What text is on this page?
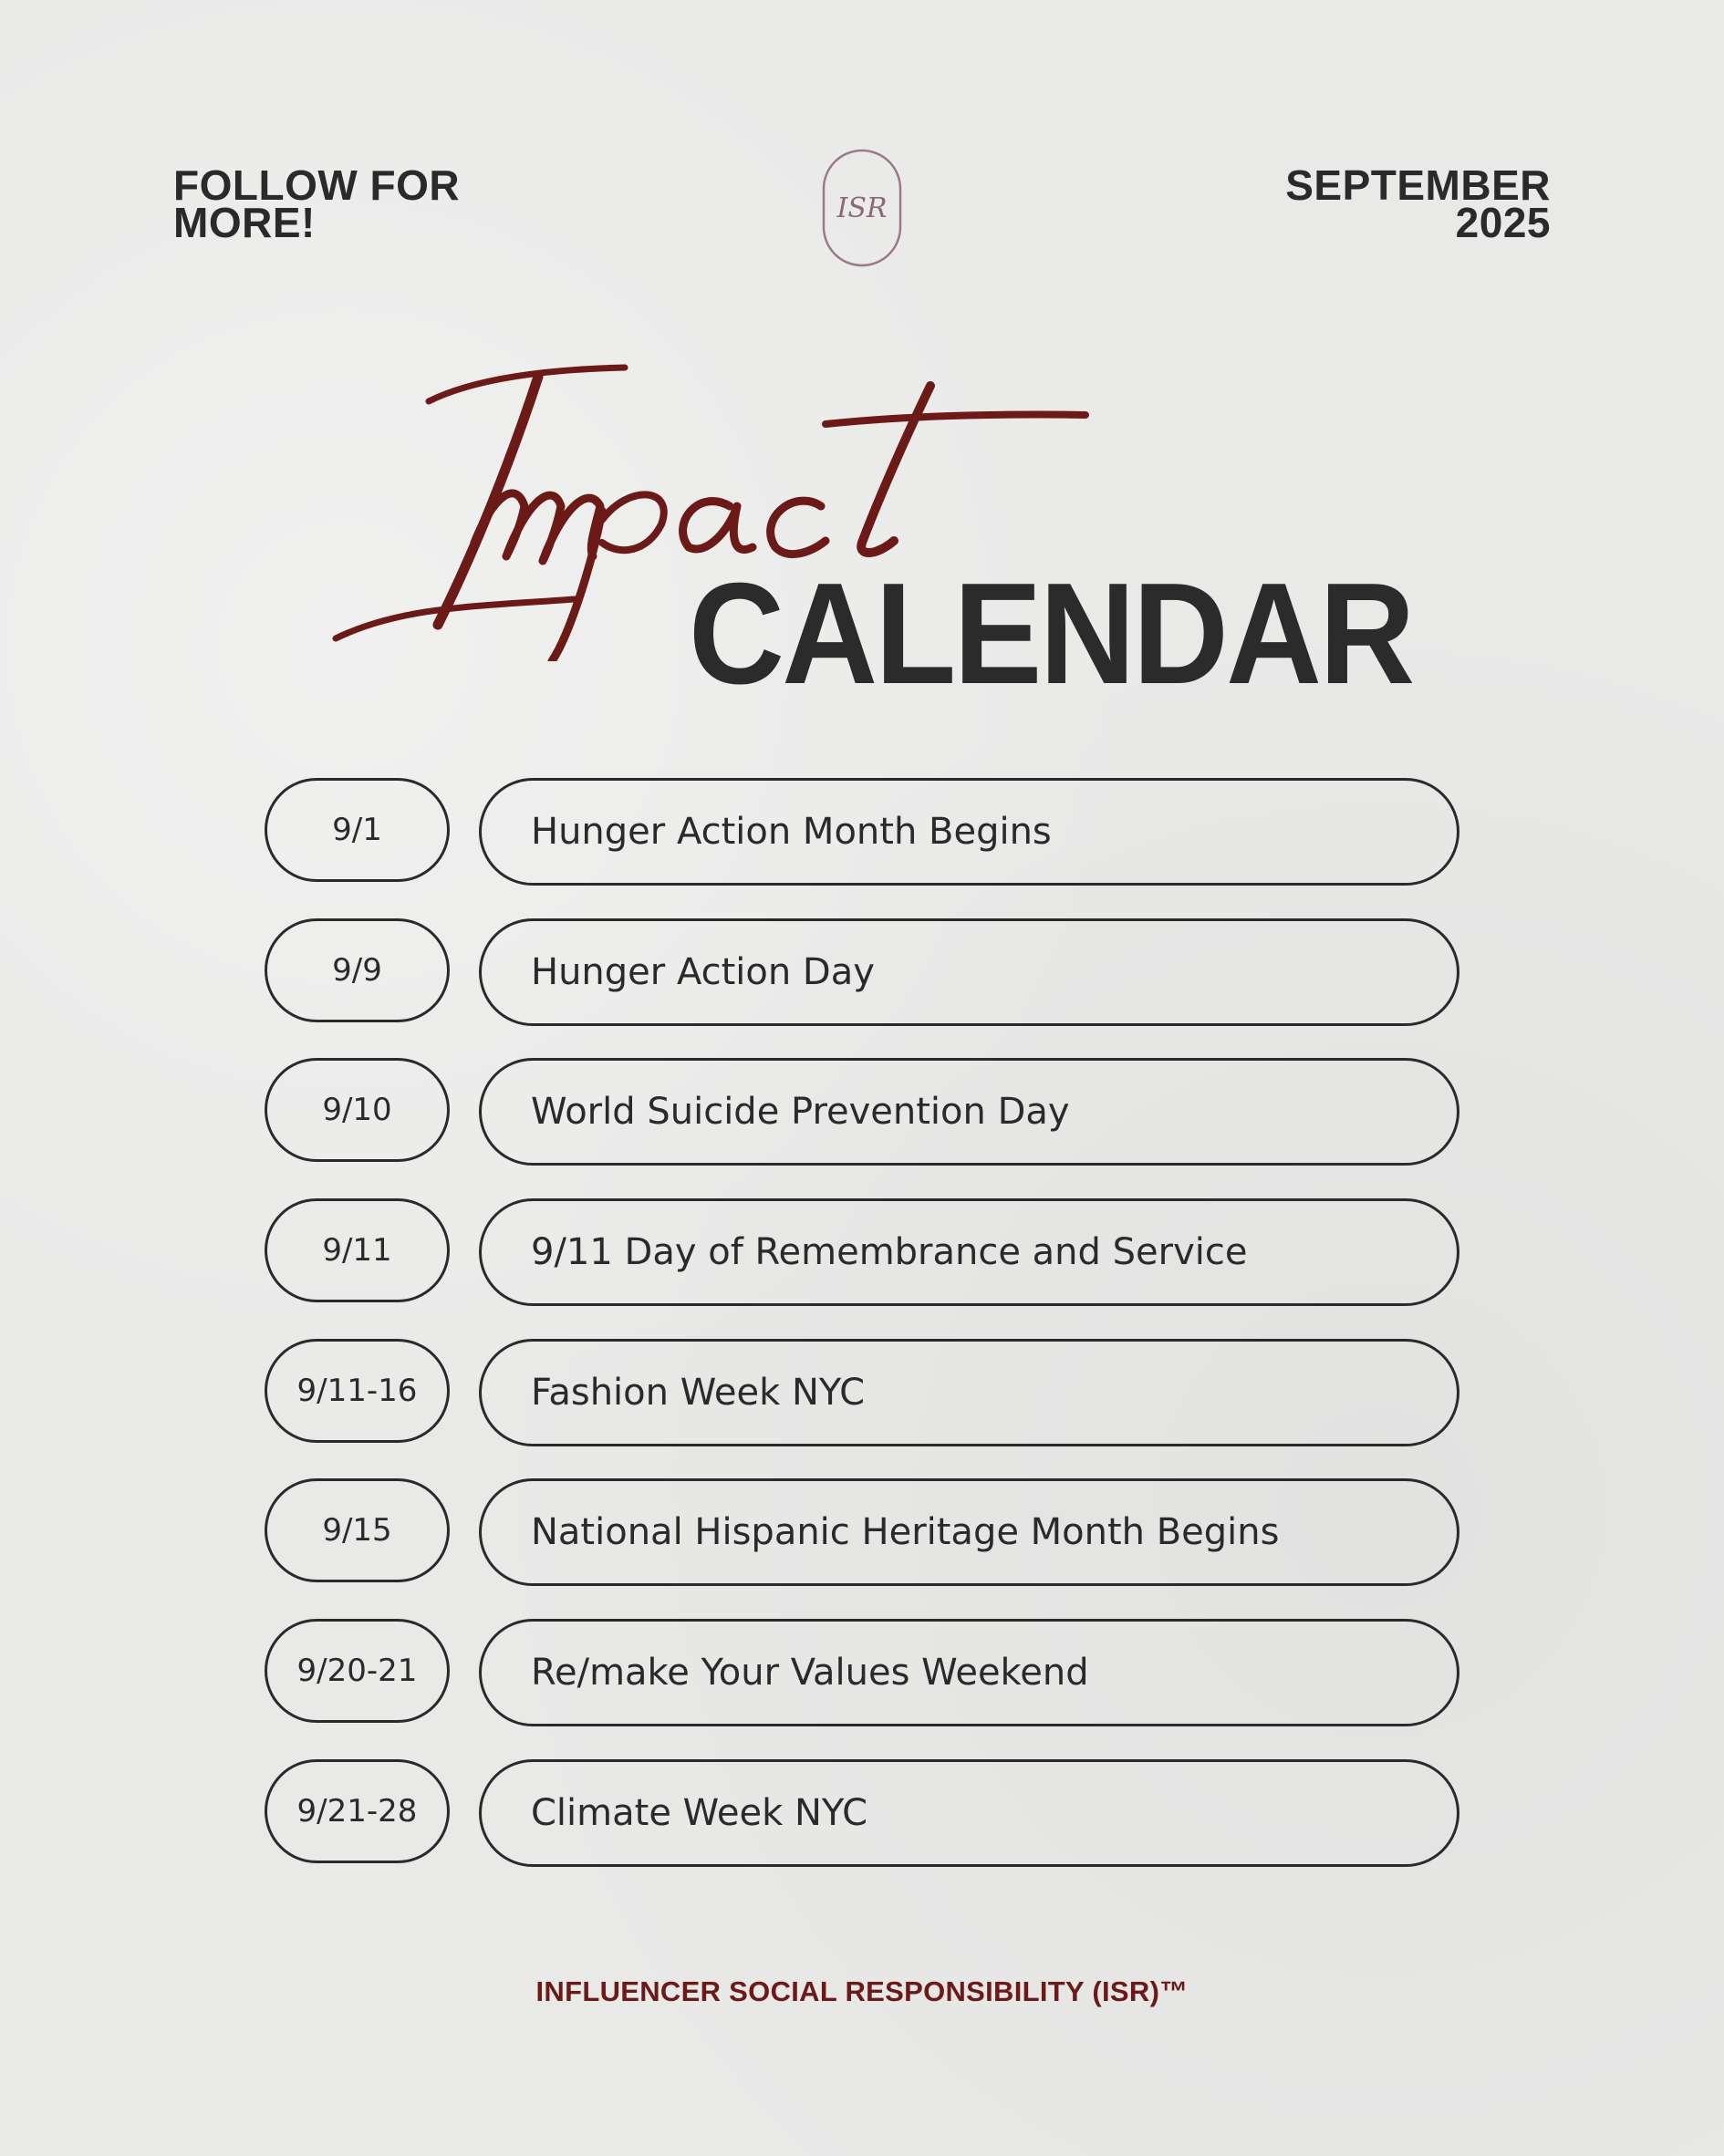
FOLLOW FOR
MORE!
SEPTEMBER
2025
ISR
CALENDAR
9/1	Hunger Action Month Begins
9/9	Hunger Action Day
9/10	World Suicide Prevention Day
9/11	9/11 Day of Remembrance and Service
9/11-16	Fashion Week NYC
9/15	National Hispanic Heritage Month Begins
9/20-21	Re/make Your Values Weekend
9/21-28	Climate Week NYC
INFLUENCER SOCIAL RESPONSIBILITY (ISR)™
